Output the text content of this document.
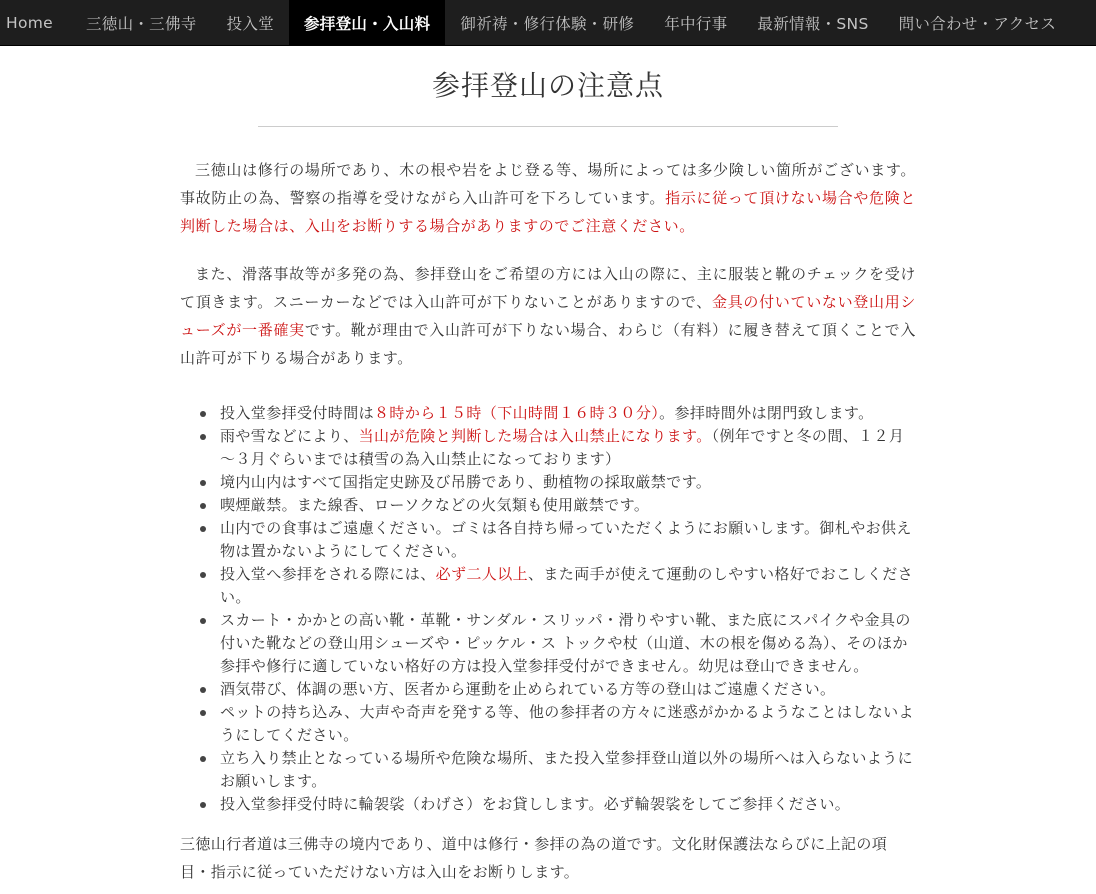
Home	三徳山・三佛寺	投入堂	参拝登山・入山料	御祈祷・修行体験・研修	年中行事	最新情報・SNS	問い合わせ・アクセス
参拝登山の注意点

三徳山は修行の場所であり、木の根や岩をよじ登る等、場所によっては多少険しい箇所がございます。事故防止の為、警察の指導を受けながら入山許可を下ろしています。指示に従って頂けない場合や危険と判断した場合は、入山をお断りする場合がありますのでご注意ください。

また、滑落事故等が多発の為、参拝登山をご希望の方には入山の際に、主に服装と靴のチェックを受けて頂きます。スニーカーなどでは入山許可が下りないことがありますので、金具の付いていない登山用シューズが一番確実です。靴が理由で入山許可が下りない場合、わらじ（有料）に履き替えて頂くことで入山許可が下りる場合があります。

投入堂参拝受付時間は８時から１５時（下山時間１６時３０分）。参拝時間外は閉門致します。
雨や雪などにより、当山が危険と判断した場合は入山禁止になります。（例年ですと冬の間、１２月～３月ぐらいまでは積雪の為入山禁止になっております）
境内山内はすべて国指定史跡及び吊勝であり、動植物の採取厳禁です。
喫煙厳禁。また線香、ローソクなどの火気類も使用厳禁です。
山内での食事はご遠慮ください。ゴミは各自持ち帰っていただくようにお願いします。御札やお供え物は置かないようにしてください。
投入堂へ参拝をされる際には、必ず二人以上、また両手が使えて運動のしやすい格好でおこしください。
スカート・かかとの高い靴・革靴・サンダル・スリッパ・滑りやすい靴、また底にスパイクや金具の付いた靴などの登山用シューズや・ピッケル・ス トックや杖（山道、木の根を傷める為）、そのほか参拝や修行に適していない格好の方は投入堂参拝受付ができません。幼児は登山できません。
酒気帯び、体調の悪い方、医者から運動を止められている方等の登山はご遠慮ください。
ペットの持ち込み、大声や奇声を発する等、他の参拝者の方々に迷惑がかかるようなことはしないようにしてください。
立ち入り禁止となっている場所や危険な場所、また投入堂参拝登山道以外の場所へは入らないようにお願いします。
投入堂参拝受付時に輪袈裟（わげさ）をお貸しします。必ず輪袈裟をしてご参拝ください。

三徳山行者道は三佛寺の境内であり、道中は修行・参拝の為の道です。文化財保護法ならびに上記の項目・指示に従っていただけない方は入山をお断りします。
